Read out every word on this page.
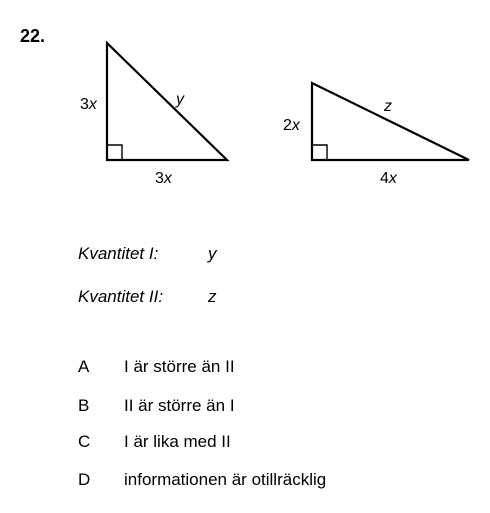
22.
3x
3x
y
2x
4x
z
Kvantitet I:	y
Kvantitet II:	z
A I är större än II
B II är större än I
C I är lika med II
D informationen är otillräcklig
